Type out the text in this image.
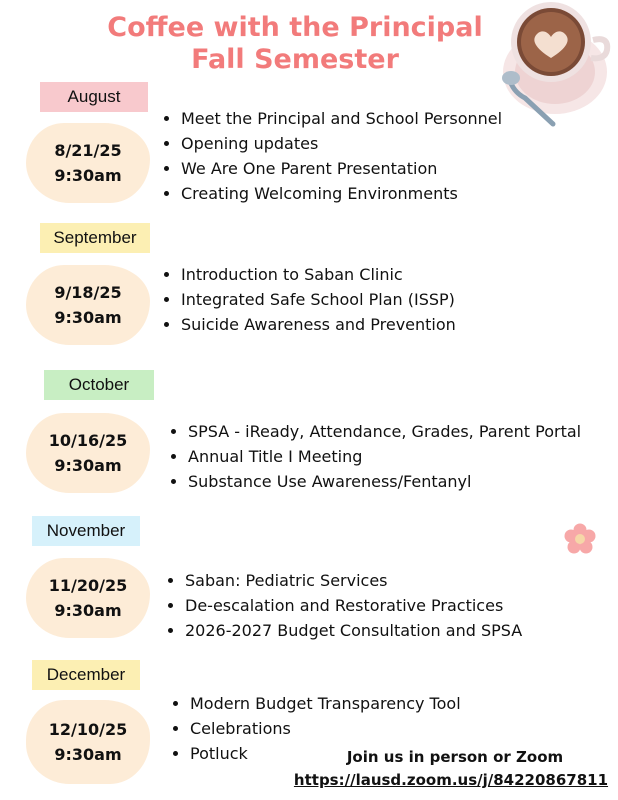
Coffee with the Principal
Fall Semester
August
September
October
November
December
8/21/25
9:30am
9/18/25
9:30am
10/16/25
9:30am
11/20/25
9:30am
12/10/25
9:30am
Meet the Principal and School Personnel
Opening updates
We Are One Parent Presentation
Creating Welcoming Environments
Introduction to Saban Clinic
Integrated Safe School Plan (ISSP)
Suicide Awareness and Prevention
SPSA - iReady, Attendance, Grades, Parent Portal
Annual Title I Meeting
Substance Use Awareness/Fentanyl
Saban: Pediatric Services
De-escalation and Restorative Practices
2026-2027 Budget Consultation and SPSA
Modern Budget Transparency Tool
Celebrations
Potluck	Join us in person or Zoom
https://lausd.zoom.us/j/84220867811
